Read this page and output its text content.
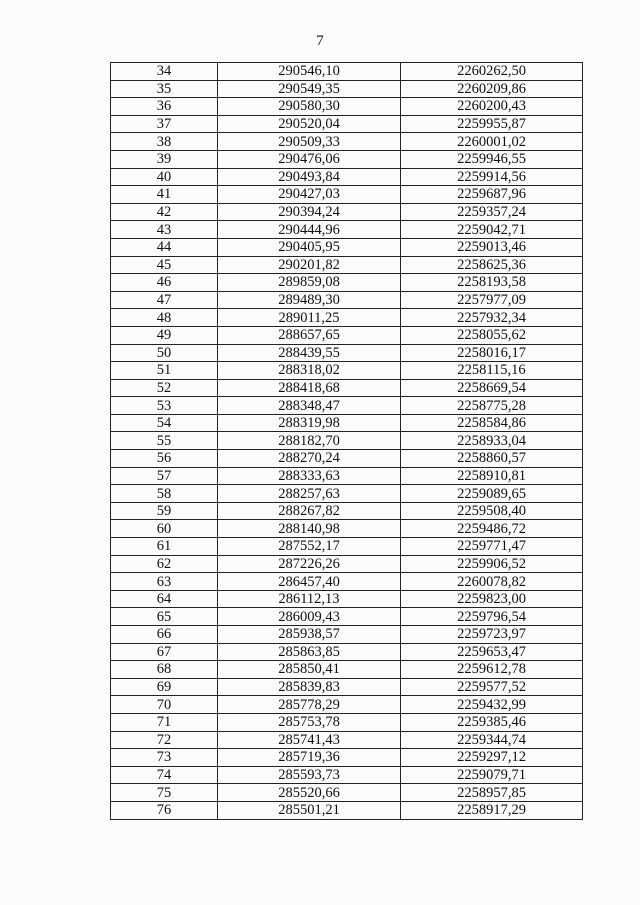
7
34	290546,10	2260262,50
35	290549,35	2260209,86
36	290580,30	2260200,43
37	290520,04	2259955,87
38	290509,33	2260001,02
39	290476,06	2259946,55
40	290493,84	2259914,56
41	290427,03	2259687,96
42	290394,24	2259357,24
43	290444,96	2259042,71
44	290405,95	2259013,46
45	290201,82	2258625,36
46	289859,08	2258193,58
47	289489,30	2257977,09
48	289011,25	2257932,34
49	288657,65	2258055,62
50	288439,55	2258016,17
51	288318,02	2258115,16
52	288418,68	2258669,54
53	288348,47	2258775,28
54	288319,98	2258584,86
55	288182,70	2258933,04
56	288270,24	2258860,57
57	288333,63	2258910,81
58	288257,63	2259089,65
59	288267,82	2259508,40
60	288140,98	2259486,72
61	287552,17	2259771,47
62	287226,26	2259906,52
63	286457,40	2260078,82
64	286112,13	2259823,00
65	286009,43	2259796,54
66	285938,57	2259723,97
67	285863,85	2259653,47
68	285850,41	2259612,78
69	285839,83	2259577,52
70	285778,29	2259432,99
71	285753,78	2259385,46
72	285741,43	2259344,74
73	285719,36	2259297,12
74	285593,73	2259079,71
75	285520,66	2258957,85
76	285501,21	2258917,29
